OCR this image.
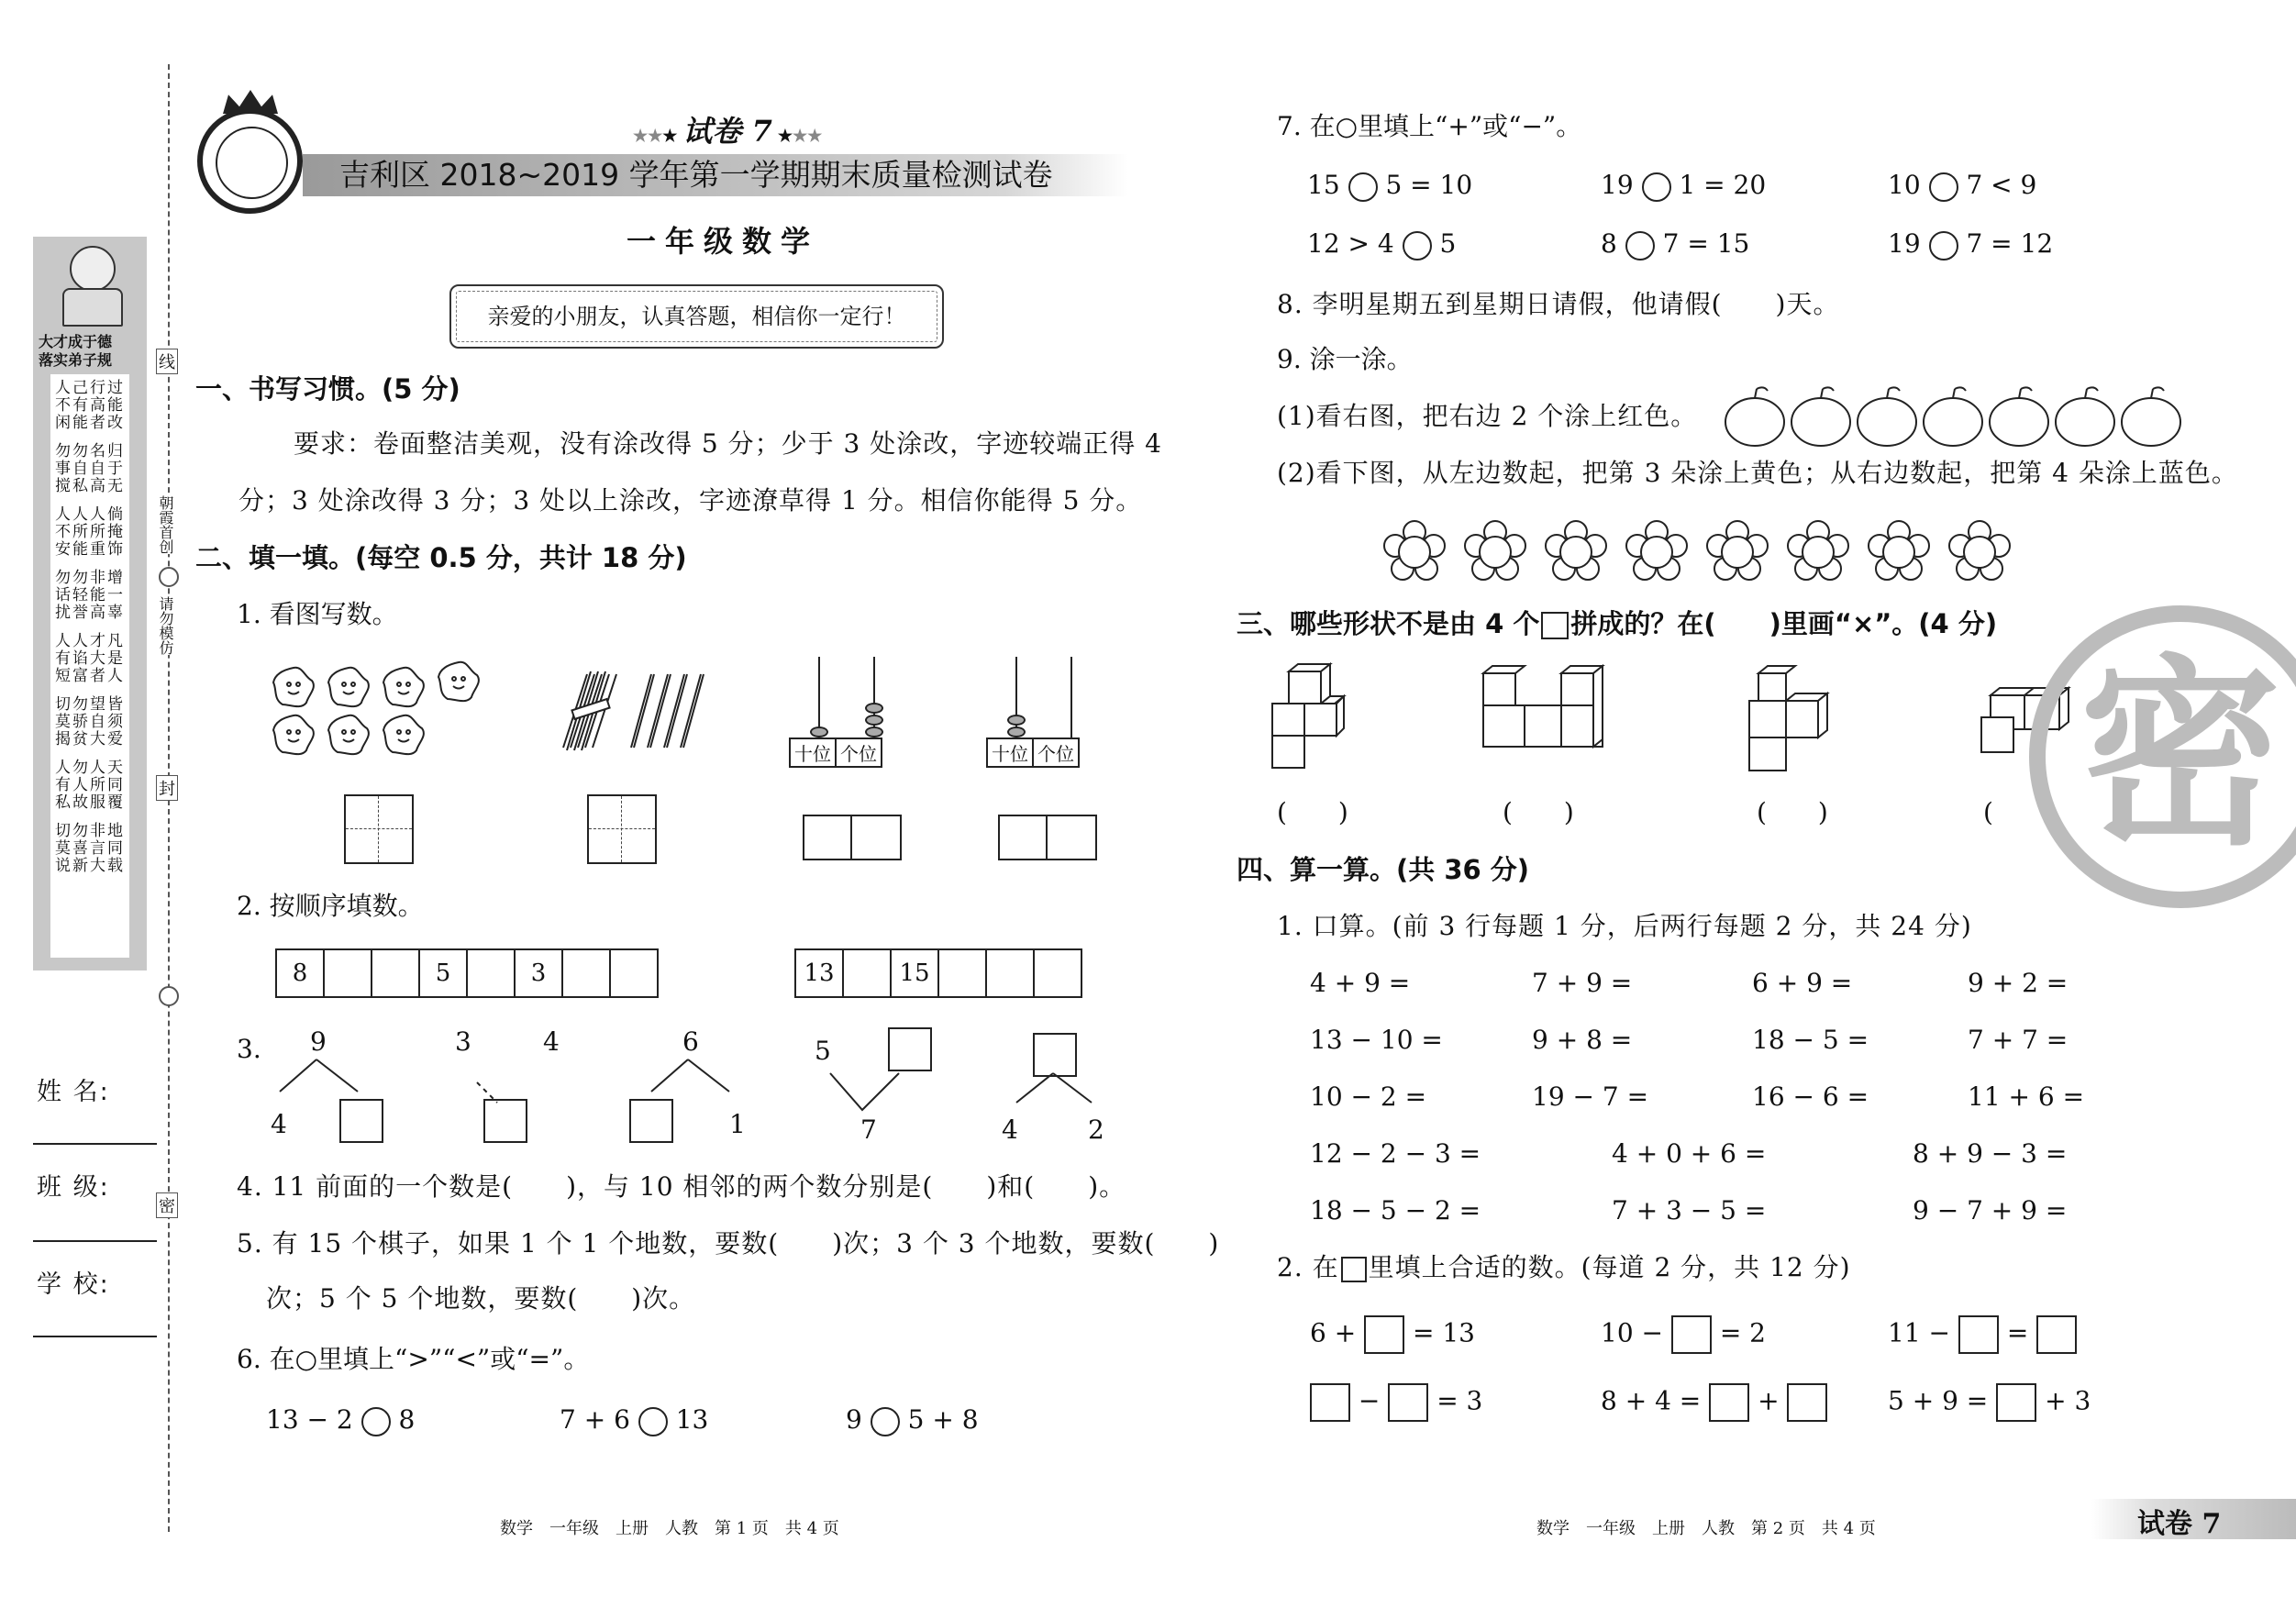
★★★ 试卷 7 ★★★
吉利区 2018~2019 学年第一学期期末质量检测试卷
一年级数学
亲爱的小朋友，认真答题，相信你一定行！
大才成于德
落实弟子规
人己行过
不有高能
闲能者改
勿勿名归
事自自于
搅私高无
人人人倘
不所所掩
安能重饰
勿勿非增
话轻能一
扰誉高辜
人人才凡
有谄大是
短富者人
切勿望皆
莫骄自须
揭贫大爱
人勿人天
有人所同
私故服覆
切勿非地
莫喜言同
说新大载
线
朝霞首创
请勿模仿
封
密
姓 名:
班 级:
学 校:
一、书写习惯。(5 分)
要求：卷面整洁美观，没有涂改得 5 分；少于 3 处涂改，字迹较端正得 4
分；3 处涂改得 3 分；3 处以上涂改，字迹潦草得 1 分。相信你能得 5 分。
二、填一填。(每空 0.5 分，共计 18 分)
1. 看图写数。
十位 个位	十位 个位
2. 按顺序填数。
8			5		3			13		15			
3. 9
4
3	4	6
1
5
7	4	2
4. 11 前面的一个数是(　　)，与 10 相邻的两个数分别是(　　)和(　　)。
5. 有 15 个棋子，如果 1 个 1 个地数，要数(　　)次；3 个 3 个地数，要数(　　)
次；5 个 5 个地数，要数(　　)次。
6. 在○里填上“>”“<”或“=”。
13 − 2 8	7 + 6 13	9 5 + 8
数学　一年级　上册　人教　第 1 页　共 4 页
7. 在○里填上“+”或“−”。
15 5 = 10	19 1 = 20	10 7 < 9
12 > 4 5	8 7 = 15	19 7 = 12
8. 李明星期五到星期日请假，他请假(　　)天。
9. 涂一涂。
(1)看右图，把右边 2 个涂上红色。
(2)看下图，从左边数起，把第 3 朵涂上黄色；从右边数起，把第 4 朵涂上蓝色。
三、哪些形状不是由 4 个 拼成的？在(　　)里画“×”。(4 分)
(　　)	(　　)	(　　)	(　　)
四、算一算。(共 36 分)
1. 口算。(前 3 行每题 1 分，后两行每题 2 分，共 24 分)
4 + 9 =	7 + 9 =	6 + 9 =	9 + 2 =
13 − 10 =	9 + 8 =	18 − 5 =	7 + 7 =
10 − 2 =	19 − 7 =	16 − 6 =	11 + 6 =
12 − 2 − 3 =	4 + 0 + 6 =	8 + 9 − 3 =
18 − 5 − 2 =	7 + 3 − 5 =	9 − 7 + 9 =
2. 在 里填上合适的数。(每道 2 分，共 12 分)
6 + = 13	10 − = 2	11 − =
− = 3	8 + 4 = +	5 + 9 = + 3
密
数学　一年级　上册　人教　第 2 页　共 4 页	试卷 7
